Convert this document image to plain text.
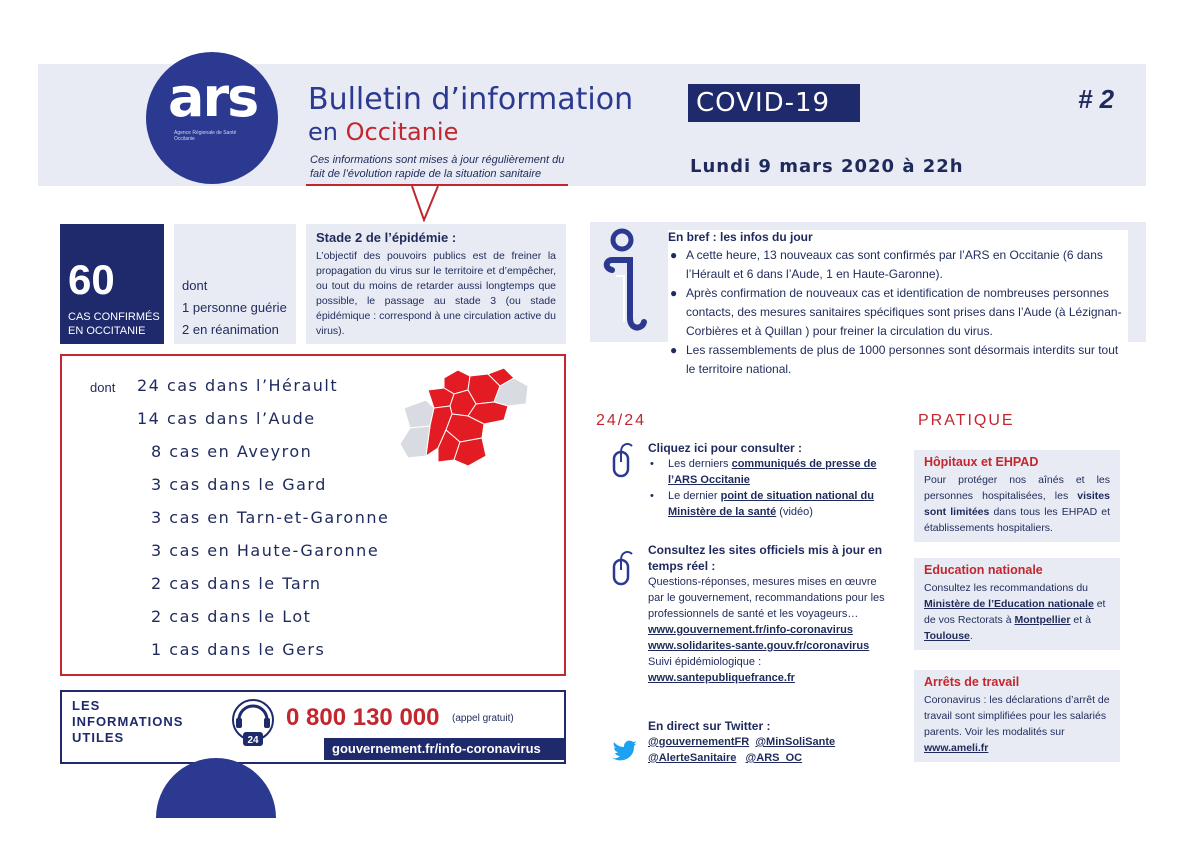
ars
Agence Régionale de Santé Occitanie
Bulletin d’information	COVID-19	# 2
en Occitanie
Ces informations sont mises à jour régulièrement du fait de l’évolution rapide de la situation sanitaire	Lundi 9 mars 2020 à 22h
60
CAS CONFIRMÉS EN OCCITANIE
dont
1 personne guérie
2 en réanimation
Stade 2 de l’épidémie :
L’objectif des pouvoirs publics est de freiner la propagation du virus sur le territoire et d’empêcher, ou tout du moins de retarder aussi longtemps que possible, le passage au stade 3 (ou stade épidémique : correspond à une circulation active du virus).
dont 24 cas dans l’Hérault
14 cas dans l’Aude
8 cas en Aveyron
3 cas dans le Gard
3 cas en Tarn-et-Garonne
3 cas en Haute-Garonne
2 cas dans le Tarn
2 cas dans le Lot
1 cas dans le Gers
LES INFORMATIONS UTILES	24
0 800 130 000 (appel gratuit)
gouvernement.fr/info-coronavirus
En bref : les infos du jour
● A cette heure, 13 nouveaux cas sont confirmés par l’ARS en Occitanie (6 dans l’Hérault et 6 dans l’Aude, 1 en Haute-Garonne).
● Après confirmation de nouveaux cas et identification de nombreuses personnes contacts, des mesures sanitaires spécifiques sont prises dans l’Aude (à Lézignan-Corbières et à Quillan ) pour freiner la circulation du virus.
● Les rassemblements de plus de 1000 personnes sont désormais interdits sur tout le territoire national.
24/24
Cliquez ici pour consulter :
• Les derniers communiqués de presse de l’ARS Occitanie
• Le dernier point de situation national du Ministère de la santé (vidéo)
Consultez les sites officiels mis à jour en temps réel :
Questions-réponses, mesures mises en œuvre par le gouvernement, recommandations pour les professionnels de santé et les voyageurs…
www.gouvernement.fr/info-coronavirus
www.solidarites-sante.gouv.fr/coronavirus
Suivi épidémiologique :
www.santepubliquefrance.fr
En direct sur Twitter :
@gouvernementFR @MinSoliSante
@AlerteSanitaire @ARS_OC
PRATIQUE
Hôpitaux et EHPAD
Pour protéger nos aînés et les personnes hospitalisées, les visites sont limitées dans tous les EHPAD et établissements hospitaliers.
Education nationale
Consultez les recommandations du Ministère de l’Education nationale et de vos Rectorats à Montpellier et à Toulouse.
Arrêts de travail
Coronavirus : les déclarations d’arrêt de travail sont simplifiées pour les salariés parents. Voir les modalités sur www.ameli.fr
